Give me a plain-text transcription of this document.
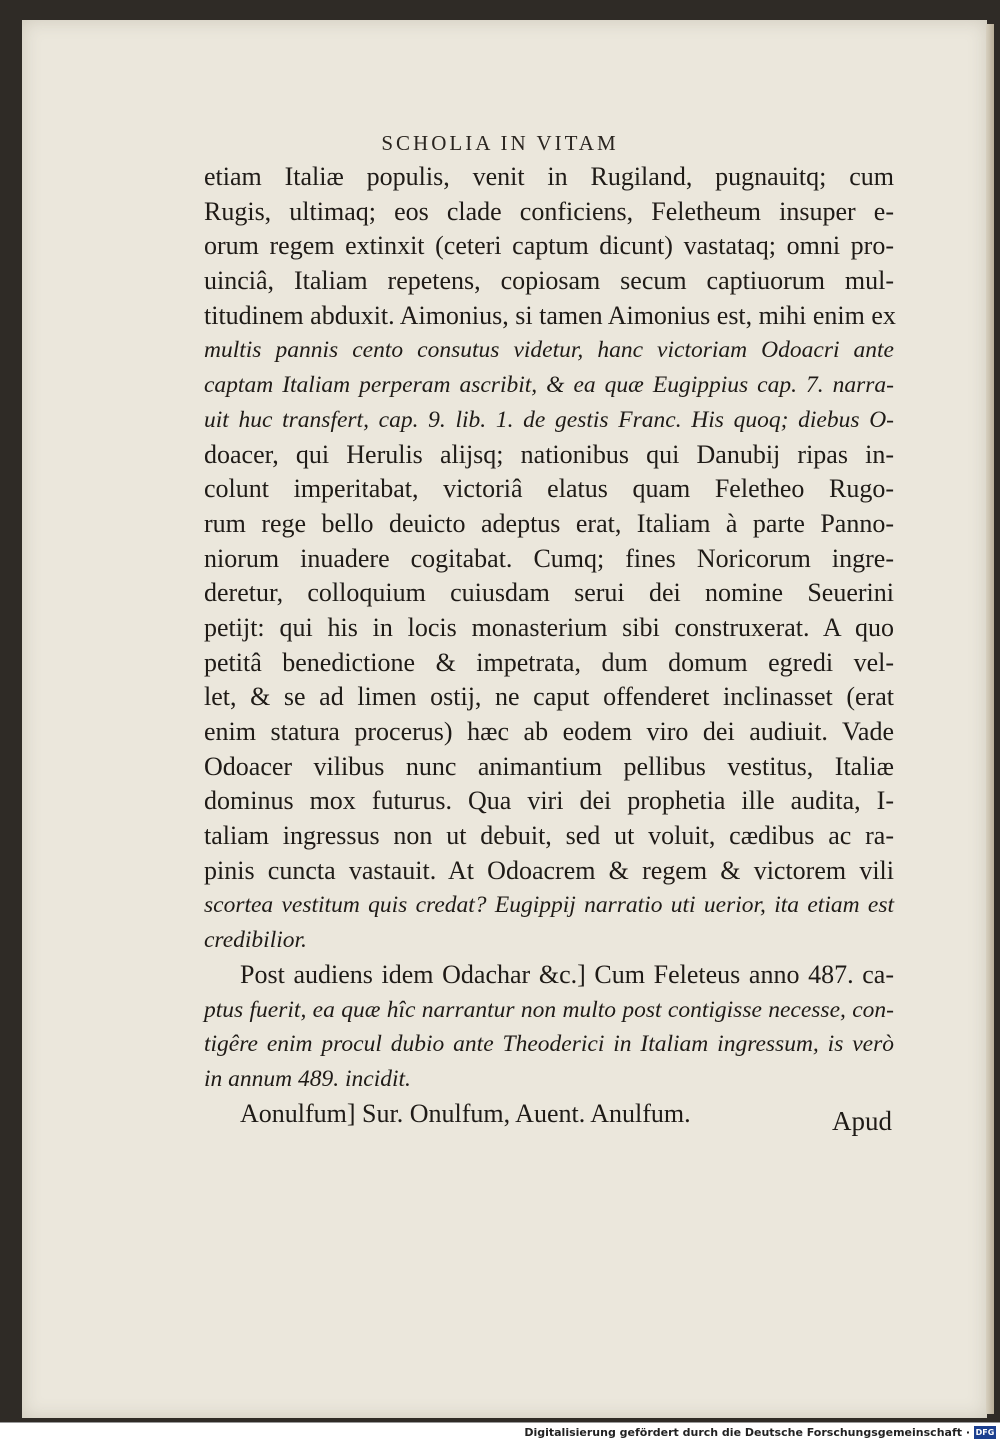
SCHOLIA IN VITAM
etiam Italiæ populis, venit in Rugiland, pugnauitq; cum
Rugis, ultimaq; eos clade conficiens, Feletheum insuper e-
orum regem extinxit (ceteri captum dicunt) vastataq; omni pro-
uinciâ, Italiam repetens, copiosam secum captiuorum mul-
titudinem abduxit. Aimonius, si tamen Aimonius est, mihi enim ex
multis pannis cento consutus videtur, hanc victoriam Odoacri ante
captam Italiam perperam ascribit, & ea quæ Eugippius cap. 7. narra-
uit huc transfert, cap. 9. lib. 1. de gestis Franc. His quoq; diebus O-
doacer, qui Herulis alijsq; nationibus qui Danubij ripas in-
colunt imperitabat, victoriâ elatus quam Feletheo Rugo-
rum rege bello deuicto adeptus erat, Italiam à parte Panno-
niorum inuadere cogitabat. Cumq; fines Noricorum ingre-
deretur, colloquium cuiusdam serui dei nomine Seuerini
petijt: qui his in locis monasterium sibi construxerat. A quo
petitâ benedictione & impetrata, dum domum egredi vel-
let, & se ad limen ostij, ne caput offenderet inclinasset (erat
enim statura procerus) hæc ab eodem viro dei audiuit. Vade
Odoacer vilibus nunc animantium pellibus vestitus, Italiæ
dominus mox futurus. Qua viri dei prophetia ille audita, I-
taliam ingressus non ut debuit, sed ut voluit, cædibus ac ra-
pinis cuncta vastauit. At Odoacrem & regem & victorem vili
scortea vestitum quis credat? Eugippij narratio uti uerior, ita etiam est
credibilior.
Post audiens idem Odachar &c.] Cum Feleteus anno 487. ca-
ptus fuerit, ea quæ hîc narrantur non multo post contigisse necesse, con-
tigêre enim procul dubio ante Theoderici in Italiam ingressum, is verò
in annum 489. incidit.
Aonulfum] Sur. Onulfum, Auent. Anulfum.	Apud
Digitalisierung gefördert durch die Deutsche Forschungsgemeinschaft · DFG
